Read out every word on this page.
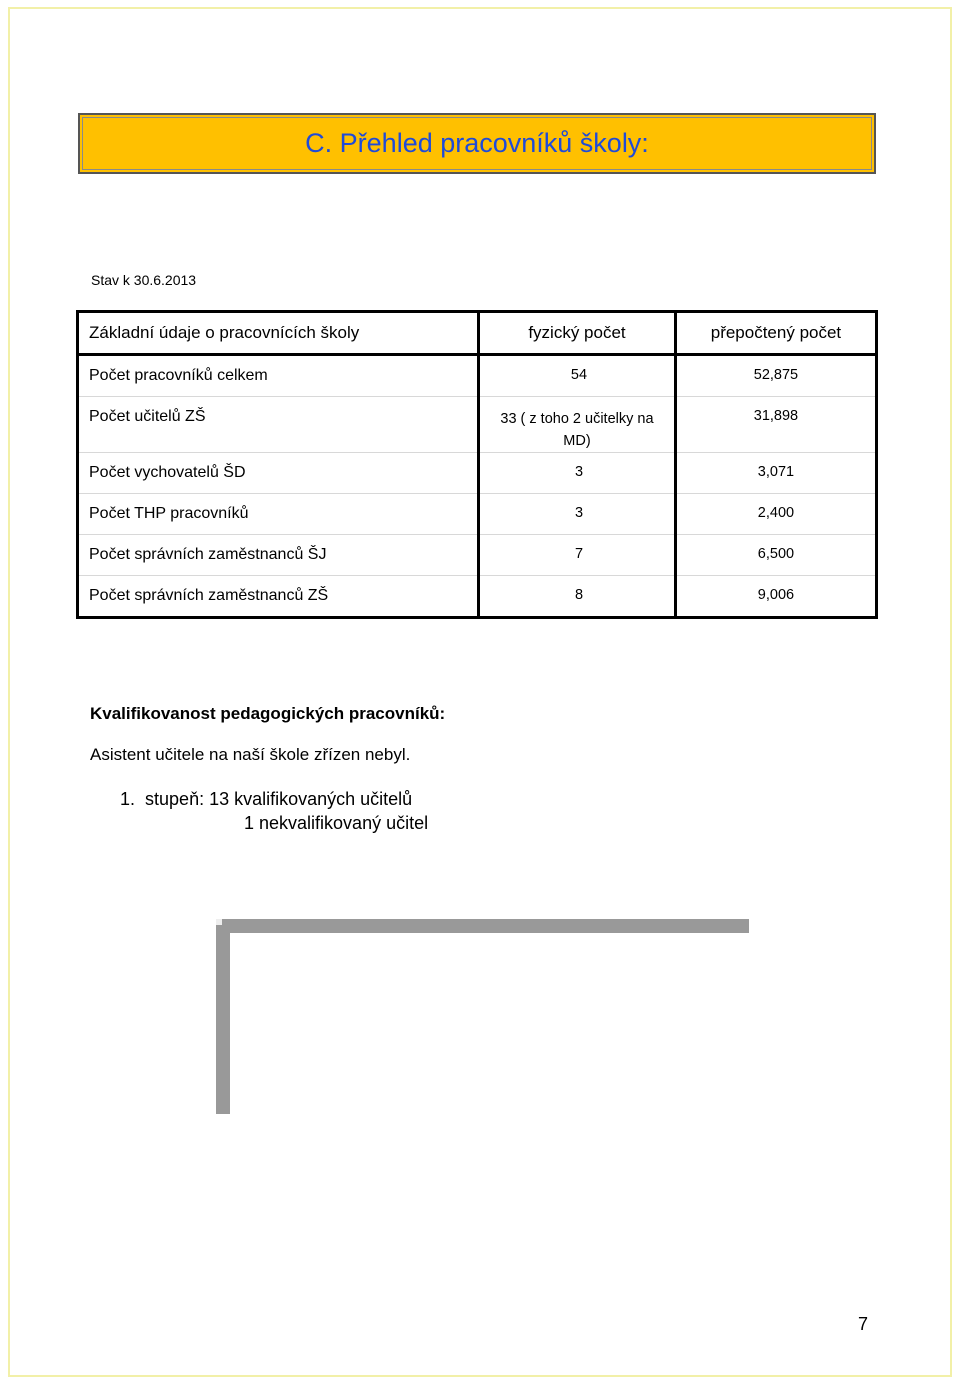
C. Přehled pracovníků školy:
Stav k 30.6.2013
Základní údaje o pracovnících školy	fyzický počet	přepočtený počet

Počet pracovníků celkem	54	52,875

Počet učitelů ZŠ	33 ( z toho 2 učitelky na MD)	31,898

Počet vychovatelů ŠD	3	3,071

Počet THP pracovníků	3	2,400

Počet správních zaměstnanců ŠJ	7	6,500

Počet správních zaměstnanců ZŠ	8	9,006
Kvalifikovanost pedagogických pracovníků:
Asistent učitele na naší škole zřízen nebyl.
1. stupeň: 13 kvalifikovaných učitelů
1 nekvalifikovaný učitel
7
